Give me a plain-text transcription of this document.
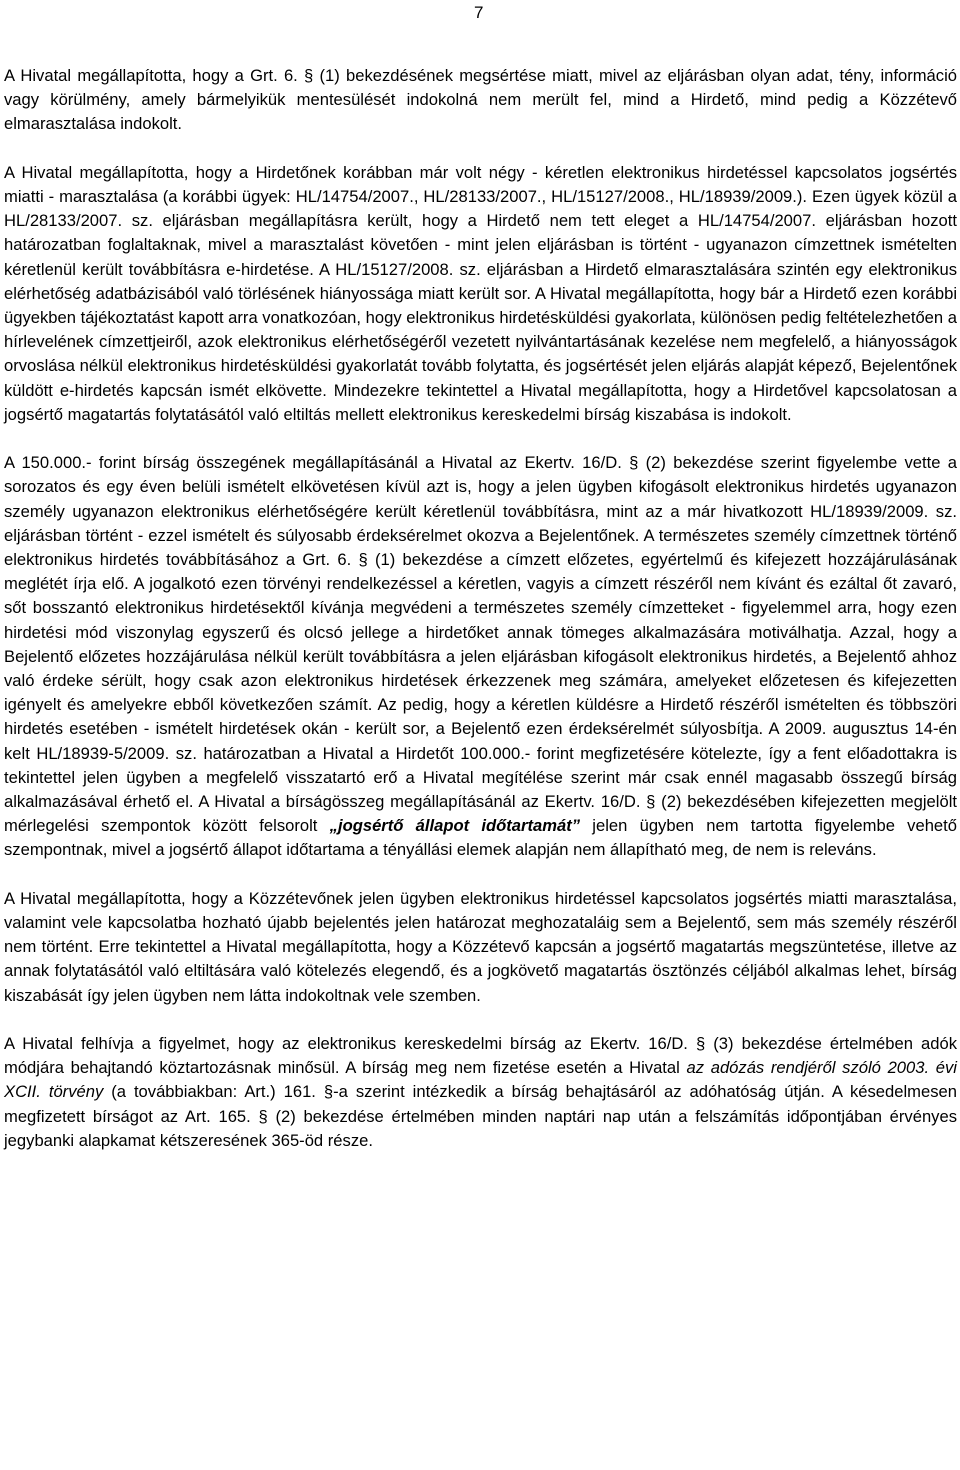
7

A Hivatal megállapította, hogy a Grt. 6. § (1) bekezdésének megsértése miatt, mivel az eljárásban olyan adat, tény, információ vagy körülmény, amely bármelyikük mentesülését indokolná nem merült fel, mind a Hirdető, mind pedig a Közzétevő elmarasztalása indokolt.

A Hivatal megállapította, hogy a Hirdetőnek korábban már volt négy - kéretlen elektronikus hirdetéssel kapcsolatos jogsértés miatti - marasztalása (a korábbi ügyek: HL/14754/2007., HL/28133/2007., HL/15127/2008., HL/18939/2009.). Ezen ügyek közül a HL/28133/2007. sz. eljárásban megállapításra került, hogy a Hirdető nem tett eleget a HL/14754/2007. eljárásban hozott határozatban foglaltaknak, mivel a marasztalást követően - mint jelen eljárásban is történt - ugyanazon címzettnek ismételten kéretlenül került továbbításra e-hirdetése. A HL/15127/2008. sz. eljárásban a Hirdető elmarasztalására szintén egy elektronikus elérhetőség adatbázisából való törlésének hiányossága miatt került sor. A Hivatal megállapította, hogy bár a Hirdető ezen korábbi ügyekben tájékoztatást kapott arra vonatkozóan, hogy elektronikus hirdetésküldési gyakorlata, különösen pedig feltételezhetően a hírlevelének címzettjeiről, azok elektronikus elérhetőségéről vezetett nyilvántartásának kezelése nem megfelelő, a hiányosságok orvoslása nélkül elektronikus hirdetésküldési gyakorlatát tovább folytatta, és jogsértését jelen eljárás alapját képező, Bejelentőnek küldött e-hirdetés kapcsán ismét elkövette. Mindezekre tekintettel a Hivatal megállapította, hogy a Hirdetővel kapcsolatosan a jogsértő magatartás folytatásától való eltiltás mellett elektronikus kereskedelmi bírság kiszabása is indokolt.

A 150.000.- forint bírság összegének megállapításánál a Hivatal az Ekertv. 16/D. § (2) bekezdése szerint figyelembe vette a sorozatos és egy éven belüli ismételt elkövetésen kívül azt is, hogy a jelen ügyben kifogásolt elektronikus hirdetés ugyanazon személy ugyanazon elektronikus elérhetőségére került kéretlenül továbbításra, mint az a már hivatkozott HL/18939/2009. sz. eljárásban történt - ezzel ismételt és súlyosabb érdeksérelmet okozva a Bejelentőnek. A természetes személy címzettnek történő elektronikus hirdetés továbbításához a Grt. 6. § (1) bekezdése a címzett előzetes, egyértelmű és kifejezett hozzájárulásának meglétét írja elő. A jogalkotó ezen törvényi rendelkezéssel a kéretlen, vagyis a címzett részéről nem kívánt és ezáltal őt zavaró, sőt bosszantó elektronikus hirdetésektől kívánja megvédeni a természetes személy címzetteket - figyelemmel arra, hogy ezen hirdetési mód viszonylag egyszerű és olcsó jellege a hirdetőket annak tömeges alkalmazására motiválhatja. Azzal, hogy a Bejelentő előzetes hozzájárulása nélkül került továbbításra a jelen eljárásban kifogásolt elektronikus hirdetés, a Bejelentő ahhoz való érdeke sérült, hogy csak azon elektronikus hirdetések érkezzenek meg számára, amelyeket előzetesen és kifejezetten igényelt és amelyekre ebből következően számít. Az pedig, hogy a kéretlen küldésre a Hirdető részéről ismételten és többszöri hirdetés esetében - ismételt hirdetések okán - került sor, a Bejelentő ezen érdeksérelmét súlyosbítja. A 2009. augusztus 14-én kelt HL/18939-5/2009. sz. határozatban a Hivatal a Hirdetőt 100.000.- forint megfizetésére kötelezte, így a fent előadottakra is tekintettel jelen ügyben a megfelelő visszatartó erő a Hivatal megítélése szerint már csak ennél magasabb összegű bírság alkalmazásával érhető el. A Hivatal a bírságösszeg megállapításánál az Ekertv. 16/D. § (2) bekezdésében kifejezetten megjelölt mérlegelési szempontok között felsorolt „jogsértő állapot időtartamát” jelen ügyben nem tartotta figyelembe vehető szempontnak, mivel a jogsértő állapot időtartama a tényállási elemek alapján nem állapítható meg, de nem is releváns.

A Hivatal megállapította, hogy a Közzétevőnek jelen ügyben elektronikus hirdetéssel kapcsolatos jogsértés miatti marasztalása, valamint vele kapcsolatba hozható újabb bejelentés jelen határozat meghozataláig sem a Bejelentő, sem más személy részéről nem történt. Erre tekintettel a Hivatal megállapította, hogy a Közzétevő kapcsán a jogsértő magatartás megszüntetése, illetve az annak folytatásától való eltiltására való kötelezés elegendő, és a jogkövető magatartás ösztönzés céljából alkalmas lehet, bírság kiszabását így jelen ügyben nem látta indokoltnak vele szemben.

A Hivatal felhívja a figyelmet, hogy az elektronikus kereskedelmi bírság az Ekertv. 16/D. § (3) bekezdése értelmében adók módjára behajtandó köztartozásnak minősül. A bírság meg nem fizetése esetén a Hivatal az adózás rendjéről szóló 2003. évi XCII. törvény (a továbbiakban: Art.) 161. §-a szerint intézkedik a bírság behajtásáról az adóhatóság útján. A késedelmesen megfizetett bírságot az Art. 165. § (2) bekezdése értelmében minden naptári nap után a felszámítás időpontjában érvényes jegybanki alapkamat kétszeresének 365-öd része.
